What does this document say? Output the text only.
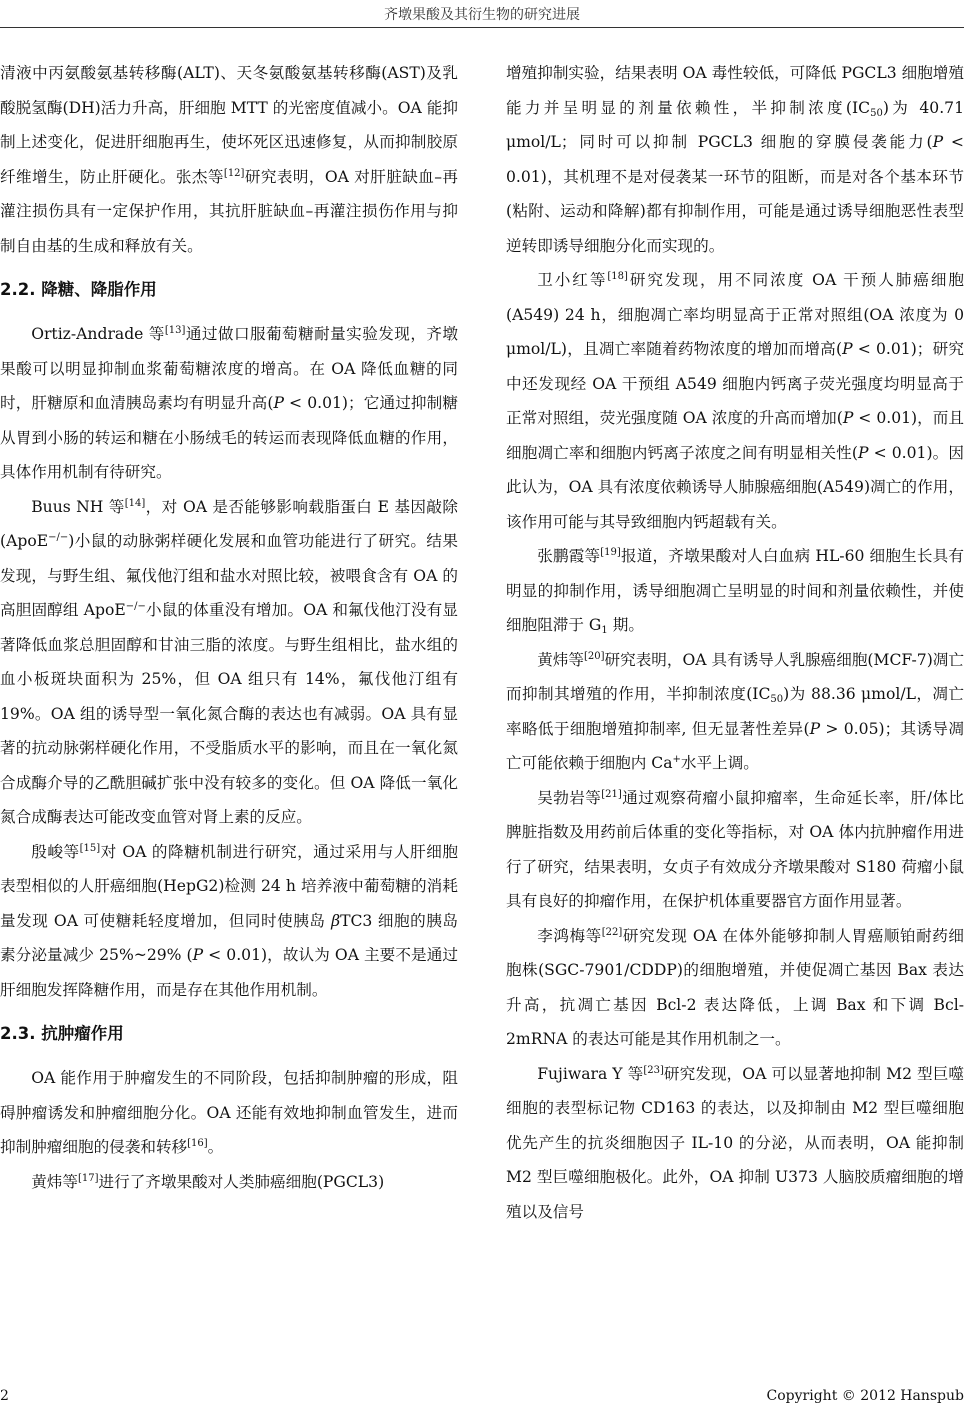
齐墩果酸及其衍生物的研究进展

清液中丙氨酸氨基转移酶(ALT)、天冬氨酸氨基转移酶(AST)及乳酸脱氢酶(DH)活力升高，肝细胞 MTT 的光密度值减小。OA 能抑制上述变化，促进肝细胞再生，使坏死区迅速修复，从而抑制胶原纤维增生，防止肝硬化。张杰等[12]研究表明，OA 对肝脏缺血–再灌注损伤具有一定保护作用，其抗肝脏缺血–再灌注损伤作用与抑制自由基的生成和释放有关。

2.2. 降糖、降脂作用

Ortiz-Andrade 等[13]通过做口服葡萄糖耐量实验发现，齐墩果酸可以明显抑制血浆葡萄糖浓度的增高。在 OA 降低血糖的同时，肝糖原和血清胰岛素均有明显升高(P < 0.01)；它通过抑制糖从胃到小肠的转运和糖在小肠绒毛的转运而表现降低血糖的作用，具体作用机制有待研究。

Buus NH 等[14]，对 OA 是否能够影响载脂蛋白 E 基因敲除(ApoE−/−)小鼠的动脉粥样硬化发展和血管功能进行了研究。结果发现，与野生组、氟伐他汀组和盐水对照比较，被喂食含有 OA 的高胆固醇组 ApoE−/−小鼠的体重没有增加。OA 和氟伐他汀没有显著降低血浆总胆固醇和甘油三脂的浓度。与野生组相比，盐水组的血小板斑块面积为 25%，但 OA 组只有 14%，氟伐他汀组有 19%。OA 组的诱导型一氧化氮合酶的表达也有减弱。OA 具有显著的抗动脉粥样硬化作用，不受脂质水平的影响，而且在一氧化氮合成酶介导的乙酰胆碱扩张中没有较多的变化。但 OA 降低一氧化氮合成酶表达可能改变血管对肾上素的反应。

殷峻等[15]对 OA 的降糖机制进行研究，通过采用与人肝细胞表型相似的人肝癌细胞(HepG2)检测 24 h 培养液中葡萄糖的消耗量发现 OA 可使糖耗轻度增加，但同时使胰岛 βTC3 细胞的胰岛素分泌量减少 25%~29% (P < 0.01)，故认为 OA 主要不是通过肝细胞发挥降糖作用，而是存在其他作用机制。

2.3. 抗肿瘤作用

OA 能作用于肿瘤发生的不同阶段，包括抑制肿瘤的形成，阻碍肿瘤诱发和肿瘤细胞分化。OA 还能有效地抑制血管发生，进而抑制肿瘤细胞的侵袭和转移[16]。

黄炜等[17]进行了齐墩果酸对人类肺癌细胞(PGCL3)

增殖抑制实验，结果表明 OA 毒性较低，可降低 PGCL3 细胞增殖能力并呈明显的剂量依赖性，半抑制浓度$(IC_{50})$为 40.71 μmol/L；同时可以抑制 PGCL3 细胞的穿膜侵袭能力(P < 0.01)，其机理不是对侵袭某一环节的阻断，而是对各个基本环节(粘附、运动和降解)都有抑制作用，可能是通过诱导细胞恶性表型逆转即诱导细胞分化而实现的。

卫小红等[18]研究发现，用不同浓度 OA 干预人肺癌细胞(A549) 24 h，细胞凋亡率均明显高于正常对照组(OA 浓度为 0 μmol/L)，且凋亡率随着药物浓度的增加而增高(P < 0.01)；研究中还发现经 OA 干预组 A549 细胞内钙离子荧光强度均明显高于正常对照组，荧光强度随 OA 浓度的升高而增加(P < 0.01)，而且细胞凋亡率和细胞内钙离子浓度之间有明显相关性(P < 0.01)。因此认为，OA 具有浓度依赖诱导人肺腺癌细胞(A549)凋亡的作用，该作用可能与其导致细胞内钙超载有关。

张鹏霞等[19]报道，齐墩果酸对人白血病 HL-60 细胞生长具有明显的抑制作用，诱导细胞凋亡呈明显的时间和剂量依赖性，并使细胞阻滞于 $G_1$ 期。

黄炜等[20]研究表明，OA 具有诱导人乳腺癌细胞(MCF-7)凋亡而抑制其增殖的作用，半抑制浓度$(IC_{50})$为 88.36 μmol/L，凋亡率略低于细胞增殖抑制率, 但无显著性差异(P > 0.05)；其诱导凋亡可能依赖于细胞内 Ca+水平上调。

吴勃岩等[21]通过观察荷瘤小鼠抑瘤率，生命延长率，肝/体比脾脏指数及用药前后体重的变化等指标，对 OA 体内抗肿瘤作用进行了研究，结果表明，女贞子有效成分齐墩果酸对 S180 荷瘤小鼠具有良好的抑瘤作用，在保护机体重要器官方面作用显著。

李鸿梅等[22]研究发现 OA 在体外能够抑制人胃癌顺铂耐药细胞株(SGC-7901/CDDP)的细胞增殖，并使促凋亡基因 Bax 表达升高，抗凋亡基因 Bcl-2 表达降低，上调 Bax 和下调 Bcl-2mRNA 的表达可能是其作用机制之一。

Fujiwara Y 等[23]研究发现，OA 可以显著地抑制 M2 型巨噬细胞的表型标记物 CD163 的表达，以及抑制由 M2 型巨噬细胞优先产生的抗炎细胞因子 IL-10 的分泌，从而表明，OA 能抑制 M2 型巨噬细胞极化。此外，OA 抑制 U373 人脑胶质瘤细胞的增殖以及信号

2	Copyright © 2012 Hanspub
